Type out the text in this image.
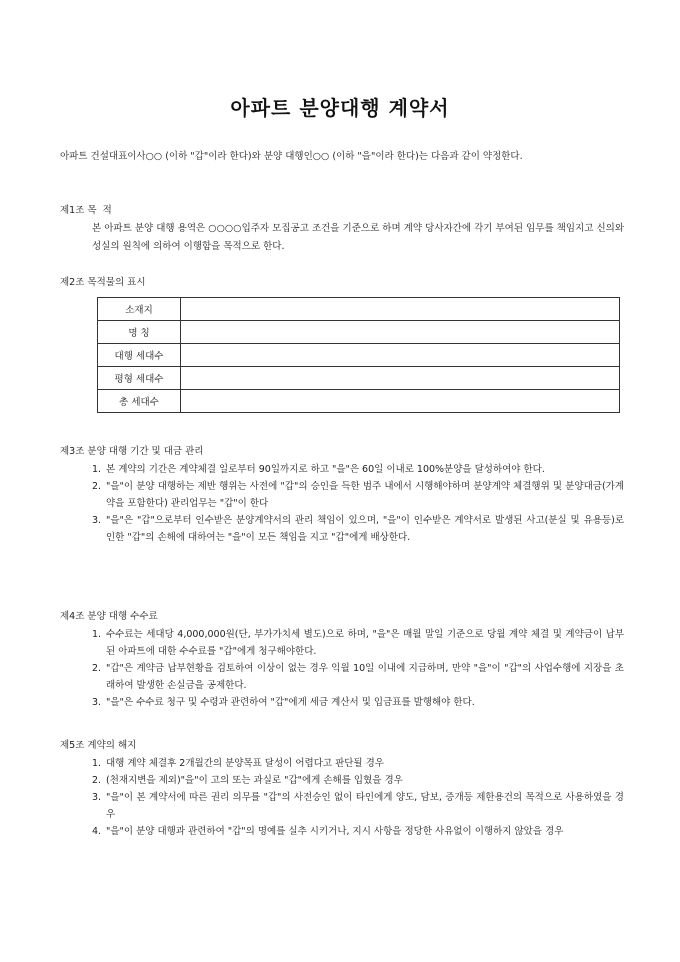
아파트 분양대행 계약서
아파트 건설대표이사○○ (이하 "갑"이라 한다)와 분양 대행인○○ (이하 "을"이라 한다)는 다음과 같이 약정한다.
제1조 목  적
본 아파트 분양 대행 용역은 ○○○○입주자 모집공고 조건을 기준으로 하며 계약 당사자간에 각기 부여된 임무를 책임지고 신의와 성실의 원칙에 의하여 이행함을 목적으로 한다.
제2조 목적물의 표시
소재지	
명 칭	
대행 세대수	
평형 세대수	
총 세대수	
제3조 분양 대행 기간 및 대금 관리
1. 본 계약의 기간은 계약체결 일로부터 90일까지로 하고 "을"은 60일 이내로 100%분양을 달성하여야 한다.
2. "을"이 분양 대행하는 제반 행위는 사전에 "갑"의 승인을 득한 범주 내에서 시행해야하며 분양계약 체결행위 및 분양대금(가계약을 포함한다) 관리업무는 "갑"이 한다
3. "을"은 "갑"으로부터 인수받은 분양계약서의 관리 책임이 있으며, "을"이 인수받은 계약서로 발생된 사고(분실 및 유용등)로 인한 "갑"의 손해에 대하여는 "을"이 모든 책임을 지고 "갑"에게 배상한다.
제4조 분양 대행 수수료
1. 수수료는 세대당 4,000,000원(단, 부가가치세 별도)으로 하며, "을"은 매월 말일 기준으로 당월 계약 체결 및 계약금이 납부된 아파트에 대한 수수료를 "갑"에게 청구해야한다.
2. "갑"은 계약금 납부현황을 검토하여 이상이 없는 경우 익월 10일 이내에 지급하며, 만약 "을"이 "갑"의 사업수행에 지장을 초래하여 발생한 손실금을 공제한다.
3. "을"은 수수료 청구 및 수령과 관련하여 "갑"에게 세금 계산서 및 입금표를 발행해야 한다.
제5조 계약의 해지
1. 대행 계약 체결후 2개월간의 분양목표 달성이 어렵다고 판단될 경우
2. (천재지변을 제외)"을"이 고의 또는 과실로 "갑"에게 손해를 입혔을 경우
3. "을"이 본 계약서에 따른 권리 의무를 "갑"의 사전승인 없이 타인에게 양도, 담보, 증개등 제한용건의 목적으로 사용하였을 경우
4. "을"이 분양 대행과 관련하여 "갑"의 명예를 실추 시키거나, 지시 사항을 정당한 사유없이 이행하지 않았을 경우
